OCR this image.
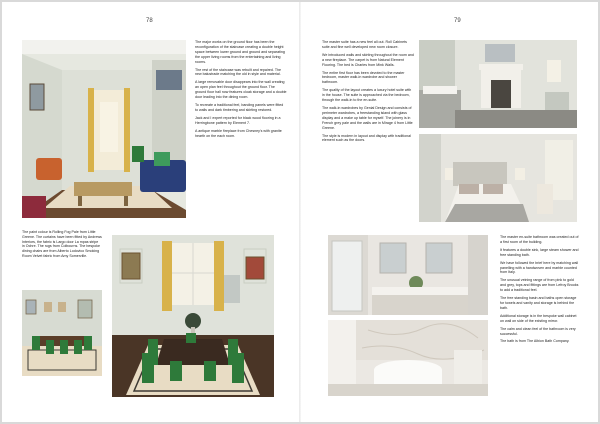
78

The major works on the ground floor has been the reconfiguration of the staircase creating a double height space between lower ground and ground and separating the upper living rooms from the entertaining and living rooms.

The rest of the staircase was rebuilt and repaired. The new balustrade matching the old in style and material.

A large removable door disappears into the wall creating an open plan feel throughout the ground floor. The ground floor hall now features cloak storage and a double door leading into the dining room.

To recreate a traditional feel, banding panels were fitted to walls and dark timbering and skirting restored.

Jack and I expert reported for black wood flooring in a Herringbone pattern by Element 7.

A antique marble fireplace from Chesney's with granite hearth on the each room.

The paint colour is Rolling Fog Pale from Little Greene. The curtains have been fitted by Andrews Interiors, the fabric is Largo door La mpas stripe in Ochre. The rugs from Colbourns. The bespoke dining chairs are from Alberto Lodovico Smoking Room Velvet fabric from Amy Somerville.
79

The master suite has a new feel all out. Roll Cabinets suite and fine well developed new room closure.

We introduced walls and skirting throughout the room and a new fireplace. The carpet is from Natural Element Flooring. The bed is Charles from Mink Walls.

The entire first floor has been devoted to the master bedroom, master walk-in wardrobe and shower bathroom.

The quality of the layout creates a luxury hotel suite with in the house. The suite is approached via the bedroom, through the walk-in to the en-suite.

The walk-in wardrobes by Genial Design and consists of perimeter wardrobes, a freestanding island with glass display and a make up table for myself. The joinery is in French grey pale and the walls are in Mirage 4 from Little Greene.

The style is modern in layout and display with traditional element such as the doors.

The master en-suite bathroom was created out of a first room of the building.

It features a double sink, large steam shower and free standing bath.

We have followed the brief here by matching wall panelling with a handwoven and marble counted from Italy.

The unusual veining range of from pink to gold and grey, tops and fittings are from Lefroy Brooks to add a traditional feel.

The free standing basin and baths open storage for towels and vanity and storage is behind the bath.

Additional storage is in the bespoke wall cabinet on wall on side of the existing mirror.

The calm and clean feel of the bathroom is very successful.

The bath is from The Albion Bath Company.
